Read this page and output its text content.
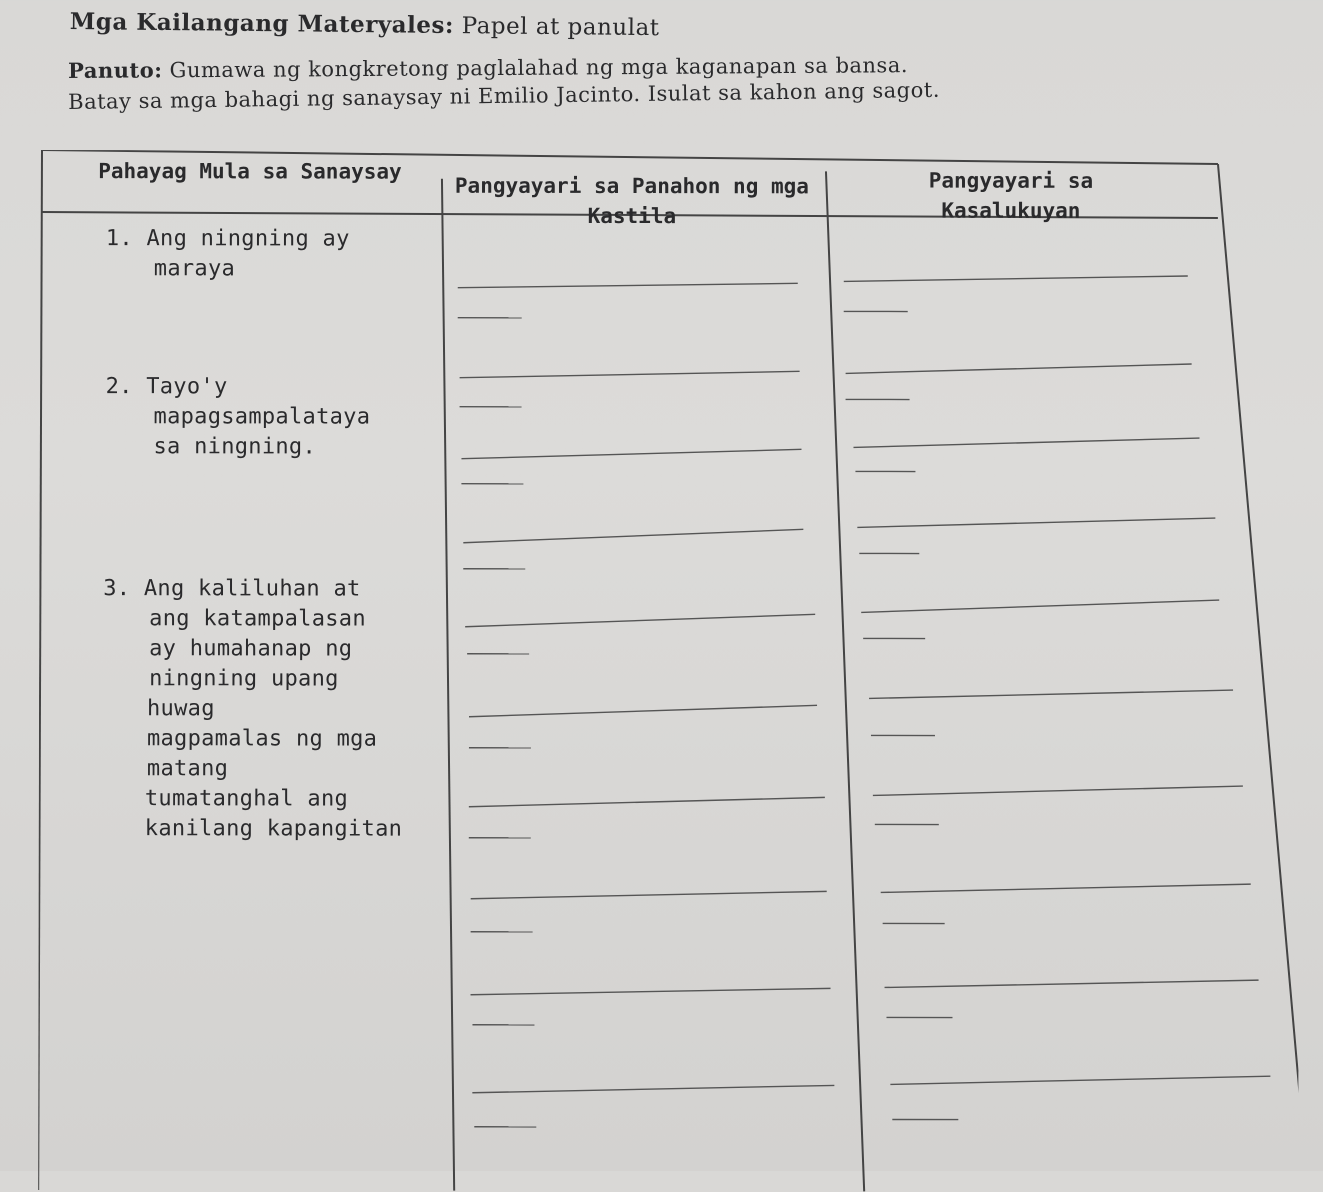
Mga Kailangang Materyales: Papel at panulat
Panuto: Gumawa ng kongkretong paglalahad ng mga kaganapan sa bansa.
Batay sa mga bahagi ng sanaysay ni Emilio Jacinto. Isulat sa kahon ang sagot.
Pahayag Mula sa Sanaysay
Pangyayari sa Panahon ng mga Kastila
Pangyayari sa Kasalukuyan
1. Ang ningning ay
maraya
2. Tayo'y
mapagsampalataya
sa ningning.
3. Ang kaliluhan at
ang katampalasan
ay humahanap ng
ningning upang
huwag
magpamalas ng mga
matang
tumatanghal ang
kanilang kapangitan
